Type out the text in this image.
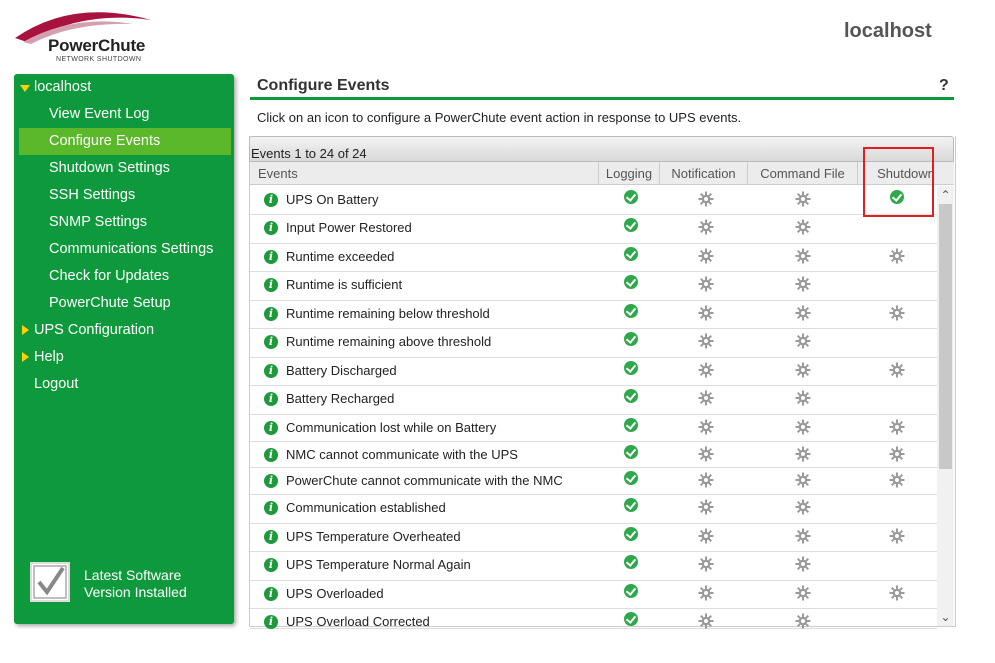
PowerChute
NETWORK SHUTDOWN
localhost
localhost
View Event Log
Configure Events
Shutdown Settings
SSH Settings
SNMP Settings
Communications Settings
Check for Updates
PowerChute Setup
UPS Configuration
Help
Logout
Latest Software
Version Installed
Configure Events	?
Click on an icon to configure a PowerChute event action in response to UPS events.
Events 1 to 24 of 24
Events	Logging	Notification	Command File	Shutdown
i UPS On Battery
i Input Power Restored
i Runtime exceeded
i Runtime is sufficient
i Runtime remaining below threshold
i Runtime remaining above threshold
i Battery Discharged
i Battery Recharged
i Communication lost while on Battery
i NMC cannot communicate with the UPS
i PowerChute cannot communicate with the NMC
i Communication established
i UPS Temperature Overheated
i UPS Temperature Normal Again
i UPS Overloaded
i UPS Overload Corrected
⌃
⌄
